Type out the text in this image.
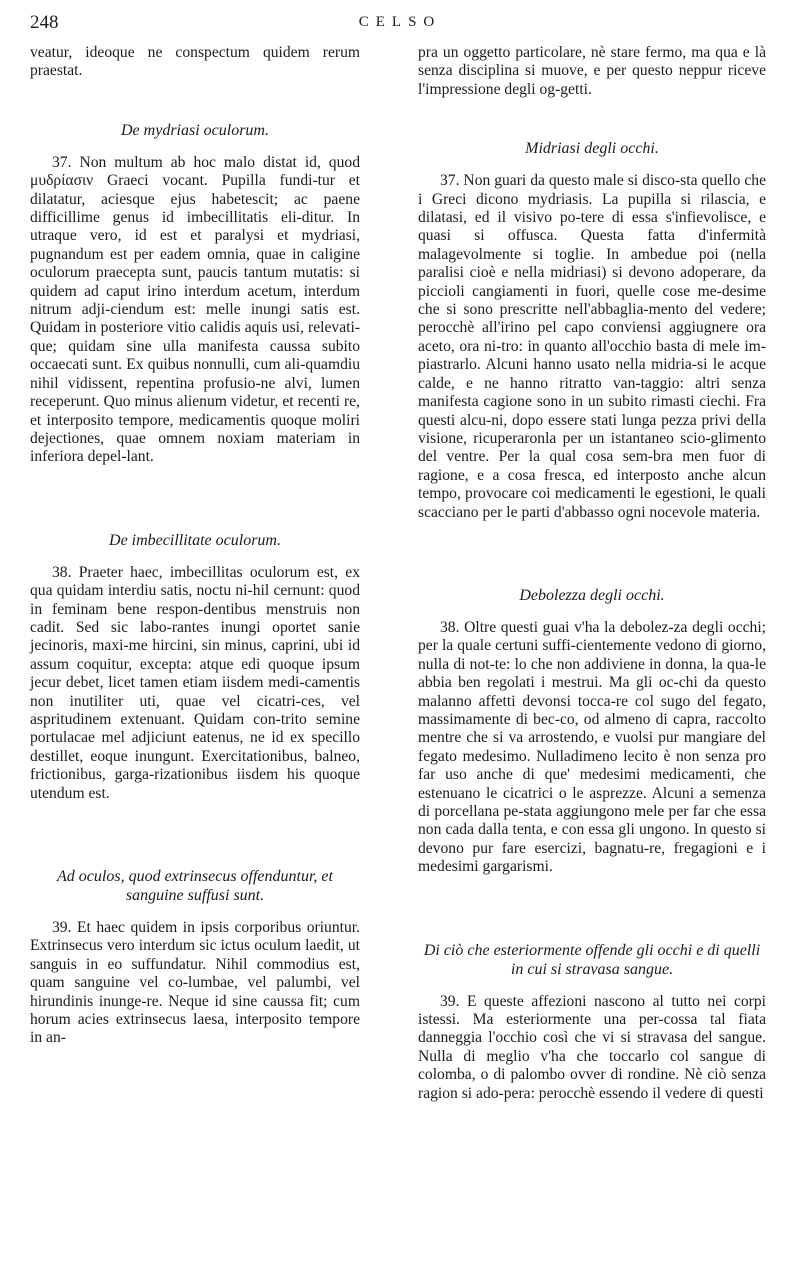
248	CELSO

veatur, ideoque ne conspectum quidem rerum praestat.

De mydriasi oculorum.

37. Non multum ab hoc malo distat id, quod μυδρίασιν Graeci vocant. Pupilla fundi-tur et dilatatur, aciesque ejus habetescit; ac paene difficillime genus id imbecillitatis eli-ditur. In utraque vero, id est et paralysi et mydriasi, pugnandum est per eadem omnia, quae in caligine oculorum praecepta sunt, paucis tantum mutatis: si quidem ad caput irino interdum acetum, interdum nitrum adji-ciendum est: melle inungi satis est. Quidam in posteriore vitio calidis aquis usi, relevati-que; quidam sine ulla manifesta caussa subito occaecati sunt. Ex quibus nonnulli, cum ali-quamdiu nihil vidissent, repentina profusio-ne alvi, lumen receperunt. Quo minus alienum videtur, et recenti re, et interposito tempore, medicamentis quoque moliri dejectiones, quae omnem noxiam materiam in inferiora depel-lant.

De imbecillitate oculorum.

38. Praeter haec, imbecillitas oculorum est, ex qua quidam interdiu satis, noctu ni-hil cernunt: quod in feminam bene respon-dentibus menstruis non cadit. Sed sic labo-rantes inungi oportet sanie jecinoris, maxi-me hircini, sin minus, caprini, ubi id assum coquitur, excepta: atque edi quoque ipsum jecur debet, licet tamen etiam iisdem medi-camentis non inutiliter uti, quae vel cicatri-ces, vel aspritudinem extenuant. Quidam con-trito semine portulacae mel adjiciunt eatenus, ne id ex specillo destillet, eoque inungunt. Exercitationibus, balneo, frictionibus, garga-rizationibus iisdem his quoque utendum est.

Ad oculos, quod extrinsecus offenduntur, et sanguine suffusi sunt.

39. Et haec quidem in ipsis corporibus oriuntur. Extrinsecus vero interdum sic ictus oculum laedit, ut sanguis in eo suffundatur. Nihil commodius est, quam sanguine vel co-lumbae, vel palumbi, vel hirundinis inunge-re. Neque id sine caussa fit; cum horum acies extrinsecus laesa, interposito tempore in an-

pra un oggetto particolare, nè stare fermo, ma qua e là senza disciplina si muove, e per questo neppur riceve l'impressione degli og-getti.

Midriasi degli occhi.

37. Non guari da questo male si disco-sta quello che i Greci dicono mydriasis. La pupilla si rilascia, e dilatasi, ed il visivo po-tere di essa s'infievolisce, e quasi si offusca. Questa fatta d'infermità malagevolmente si toglie. In ambedue poi (nella paralisi cioè e nella midriasi) si devono adoperare, da piccioli cangiamenti in fuori, quelle cose me-desime che si sono prescritte nell'abbaglia-mento del vedere; perocchè all'irino pel capo conviensi aggiugnere ora aceto, ora ni-tro: in quanto all'occhio basta di mele im-piastrarlo. Alcuni hanno usato nella midria-si le acque calde, e ne hanno ritratto van-taggio: altri senza manifesta cagione sono in un subito rimasti ciechi. Fra questi alcu-ni, dopo essere stati lunga pezza privi della visione, ricuperaronla per un istantaneo scio-glimento del ventre. Per la qual cosa sem-bra men fuor di ragione, e a cosa fresca, ed interposto anche alcun tempo, provocare coi medicamenti le egestioni, le quali scacciano per le parti d'abbasso ogni nocevole materia.

Debolezza degli occhi.

38. Oltre questi guai v'ha la debolez-za degli occhi; per la quale certuni suffi-cientemente vedono di giorno, nulla di not-te: lo che non addiviene in donna, la qua-le abbia ben regolati i mestrui. Ma gli oc-chi da questo malanno affetti devonsi tocca-re col sugo del fegato, massimamente di bec-co, od almeno di capra, raccolto mentre che si va arrostendo, e vuolsi pur mangiare del fegato medesimo. Nulladimeno lecito è non senza pro far uso anche di que' medesimi medicamenti, che estenuano le cicatrici o le asprezze. Alcuni a semenza di porcellana pe-stata aggiungono mele per far che essa non cada dalla tenta, e con essa gli ungono. In questo si devono pur fare esercizi, bagnatu-re, fregagioni e i medesimi gargarismi.

Di ciò che esteriormente offende gli occhi e di quelli in cui si stravasa sangue.

39. E queste affezioni nascono al tutto nei corpi istessi. Ma esteriormente una per-cossa tal fiata danneggia l'occhio così che vi si stravasa del sangue. Nulla di meglio v'ha che toccarlo col sangue di colomba, o di palombo ovver di rondine. Nè ciò senza ragion si ado-pera: perocchè essendo il vedere di questi
